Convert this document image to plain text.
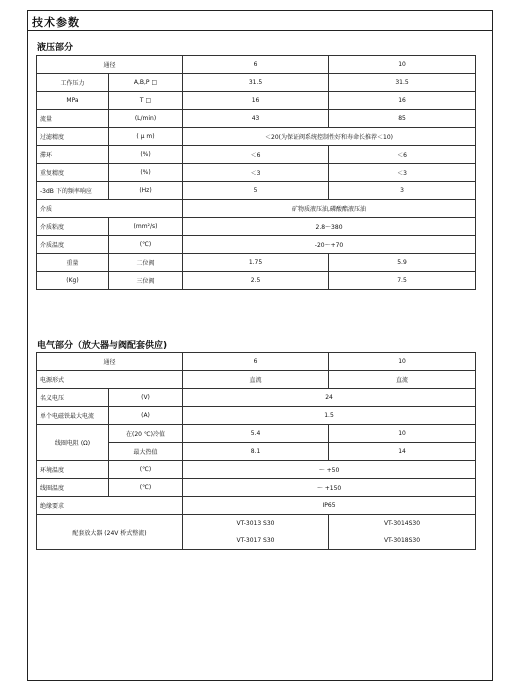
技术参数
液压部分
通径		6	10
工作压力	A,B,P □	31.5	31.5
MPa	T □	16	16
流量	(L/min)	43	85
过滤精度	( μ m)	＜20(为保证阀系统控制性好和寿命长推荐＜10)	
滞环	(%)	＜6	＜6
重复精度	(%)	＜3	＜3
-3dB 下的频率响应	(Hz)	5	3
介质		矿物质液压油,磷酸酯液压油	
介质粘度	(mm²/s)	2.8～380	
介质温度	(℃)	-20～+70	
重量	二位阀	1.75	5.9
(Kg)	三位阀	2.5	7.5
电气部分（放大器与阀配套供应)
通径		6	10
电源形式		直流	直流
名义电压	(V)	24	
单个电磁铁最大电流	(A)	1.5	
线圈电阻 (Ω)	在(20 ℃)冷值	5.4	10
	最大热值	8.1	14
环境温度	(℃)	～ +50	
线圈温度	(℃)	～ +150	
绝缘要求		IP65	
配套放大器 (24V 桥式整流)		VT-3013 S30	VT-3014S30
		VT-3017 S30	VT-3018S30
